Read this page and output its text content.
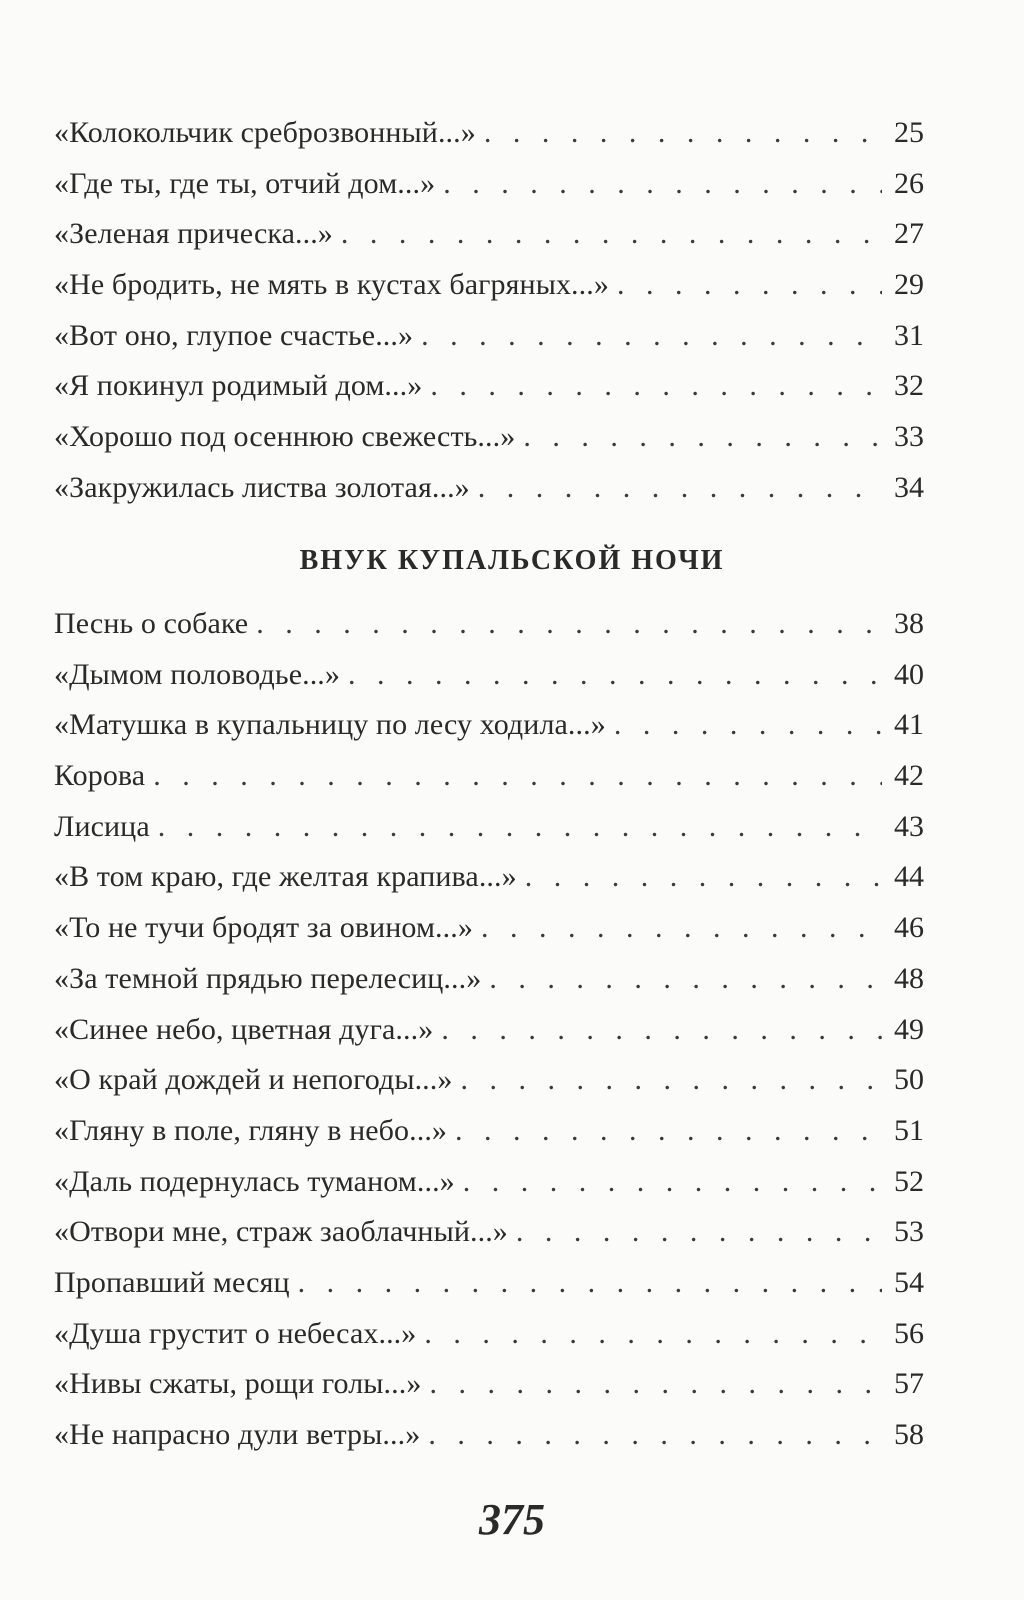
«Колокольчик среброзвонный...» . . .	25
«Где ты, где ты, отчий дом...» . . .	26
«Зеленая прическа...» . . .	27
«Не бродить, не мять в кустах багряных...» . . .	29
«Вот оно, глупое счастье...» . . .	31
«Я покинул родимый дом...» . . .	32
«Хорошо под осеннюю свежесть...» . . .	33
«Закружилась листва золотая...» . . .	34
ВНУК КУПАЛЬСКОЙ НОЧИ
Песнь о собаке . . .	38
«Дымом половодье...» . . .	40
«Матушка в купальницу по лесу ходила...» . . .	41
Корова . . .	42
Лисица . . .	43
«В том краю, где желтая крапива...» . . .	44
«То не тучи бродят за овином...» . . .	46
«За темной прядью перелесиц...» . . .	48
«Синее небо, цветная дуга...» . . .	49
«О край дождей и непогоды...» . . .	50
«Гляну в поле, гляну в небо...» . . .	51
«Даль подернулась туманом...» . . .	52
«Отвори мне, страж заоблачный...» . . .	53
Пропавший месяц . . .	54
«Душа грустит о небесах...» . . .	56
«Нивы сжаты, рощи голы...» . . .	57
«Не напрасно дули ветры...» . . .	58
375
